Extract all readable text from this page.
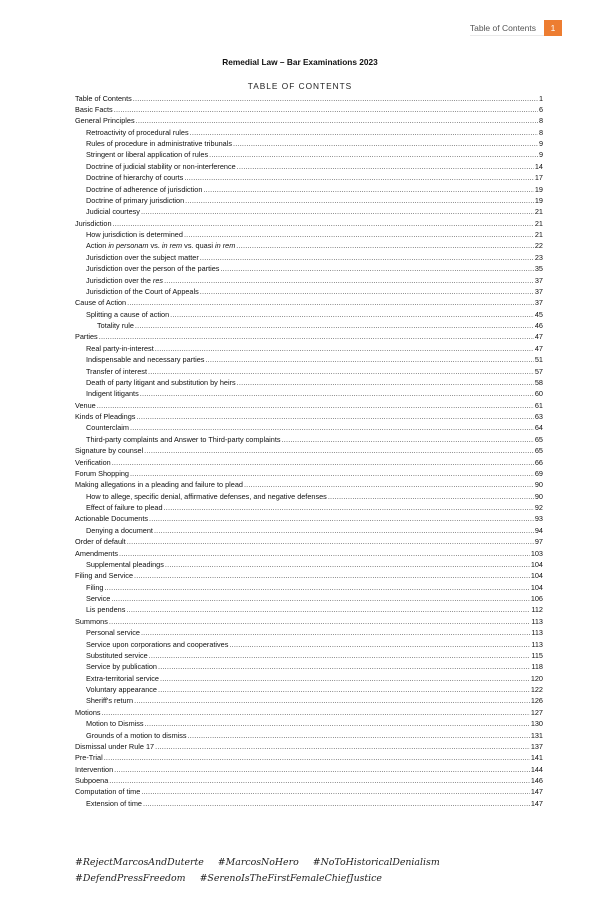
Table of Contents	1
Remedial Law – Bar Examinations 2023
TABLE OF CONTENTS
Table of Contents .....	1
Basic Facts .....	6
General Principles .....	8
Retroactivity of procedural rules .....	8
Rules of procedure in administrative tribunals .....	9
Stringent or liberal application of rules .....	9
Doctrine of judicial stability or non-interference .....	14
Doctrine of hierarchy of courts .....	17
Doctrine of adherence of jurisdiction .....	19
Doctrine of primary jurisdiction .....	19
Judicial courtesy .....	21
Jurisdiction .....	21
How jurisdiction is determined .....	21
Action in personam vs. in rem vs. quasi in rem .....	22
Jurisdiction over the subject matter .....	23
Jurisdiction over the person of the parties .....	35
Jurisdiction over the res .....	37
Jurisdiction of the Court of Appeals .....	37
Cause of Action .....	37
Splitting a cause of action .....	45
Totality rule .....	46
Parties .....	47
Real party-in-interest .....	47
Indispensable and necessary parties .....	51
Transfer of interest .....	57
Death of party litigant and substitution by heirs .....	58
Indigent litigants .....	60
Venue .....	61
Kinds of Pleadings .....	63
Counterclaim .....	64
Third-party complaints and Answer to Third-party complaints .....	65
Signature by counsel .....	65
Verification .....	66
Forum Shopping .....	69
Making allegations in a pleading and failure to plead .....	90
How to allege, specific denial, affirmative defenses, and negative defenses .....	90
Effect of failure to plead .....	92
Actionable Documents .....	93
Denying a document .....	94
Order of default .....	97
Amendments .....	103
Supplemental pleadings .....	104
Filing and Service .....	104
Filing .....	104
Service .....	106
Lis pendens .....	112
Summons .....	113
Personal service .....	113
Service upon corporations and cooperatives .....	113
Substituted service .....	115
Service by publication .....	118
Extra-territorial service .....	120
Voluntary appearance .....	122
Sheriff's return .....	126
Motions .....	127
Motion to Dismiss .....	130
Grounds of a motion to dismiss .....	131
Dismissal under Rule 17 .....	137
Pre-Trial .....	141
Intervention .....	144
Subpoena .....	146
Computation of time .....	147
Extension of time .....	147
#RejectMarcosAndDuterte #MarcosNoHero #NoToHistoricalDenialism
#DefendPressFreedom #SerenoIsTheFirstFemaleChiefJustice
